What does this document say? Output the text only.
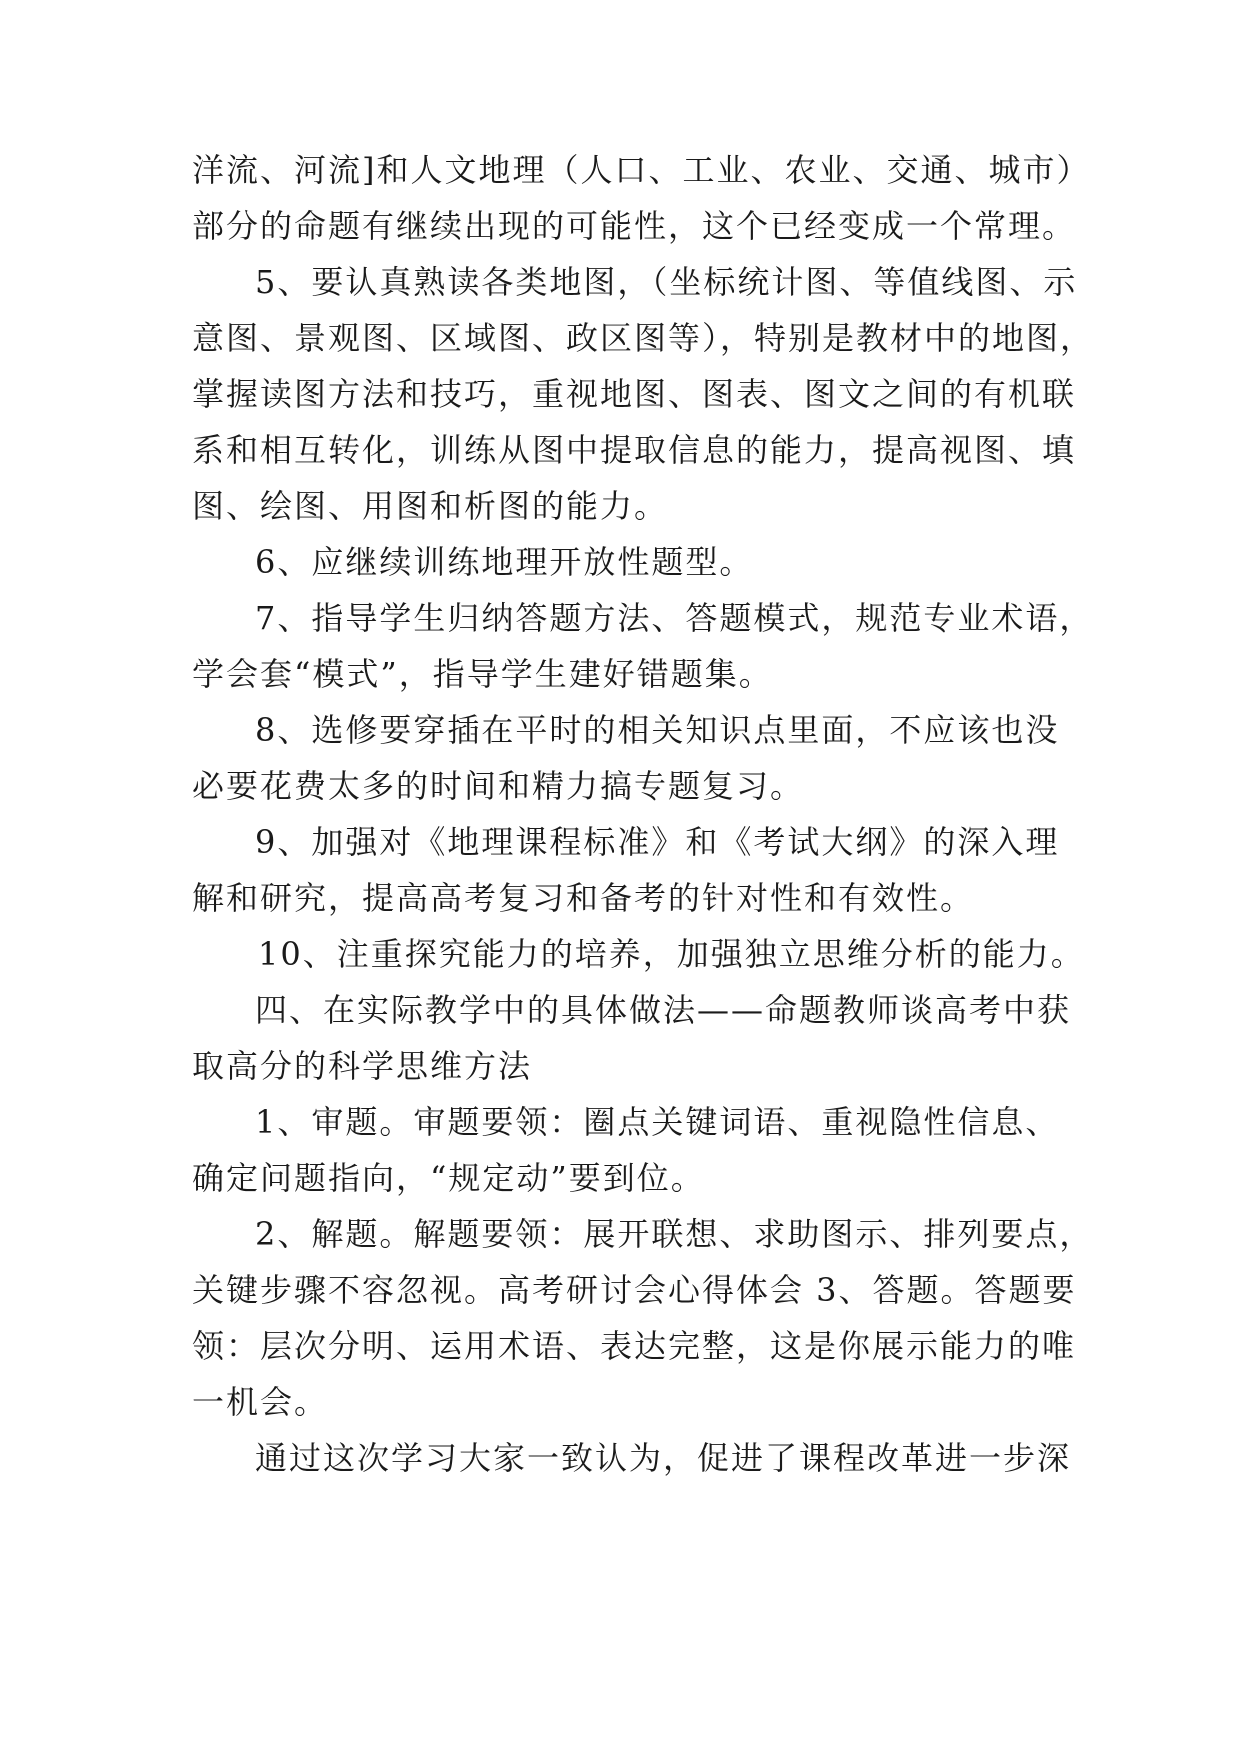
洋流、河流]和人文地理（人口、工业、农业、交通、城市）
部分的命题有继续出现的可能性，这个已经变成一个常理。
5、要认真熟读各类地图，（坐标统计图、等值线图、示
意图、景观图、区域图、政区图等），特别是教材中的地图，
掌握读图方法和技巧，重视地图、图表、图文之间的有机联
系和相互转化，训练从图中提取信息的能力，提高视图、填
图、绘图、用图和析图的能力。
6、应继续训练地理开放性题型。
7、指导学生归纳答题方法、答题模式，规范专业术语，
学会套“模式”，指导学生建好错题集。
8、选修要穿插在平时的相关知识点里面，不应该也没
必要花费太多的时间和精力搞专题复习。
9、加强对《地理课程标准》和《考试大纲》的深入理
解和研究，提高高考复习和备考的针对性和有效性。
10、注重探究能力的培养，加强独立思维分析的能力。
四、在实际教学中的具体做法——命题教师谈高考中获
取高分的科学思维方法
1、审题。审题要领：圈点关键词语、重视隐性信息、
确定问题指向，“规定动”要到位。
2、解题。解题要领：展开联想、求助图示、排列要点，
关键步骤不容忽视。高考研讨会心得体会 3、答题。答题要
领：层次分明、运用术语、表达完整，这是你展示能力的唯
一机会。
通过这次学习大家一致认为，促进了课程改革进一步深
